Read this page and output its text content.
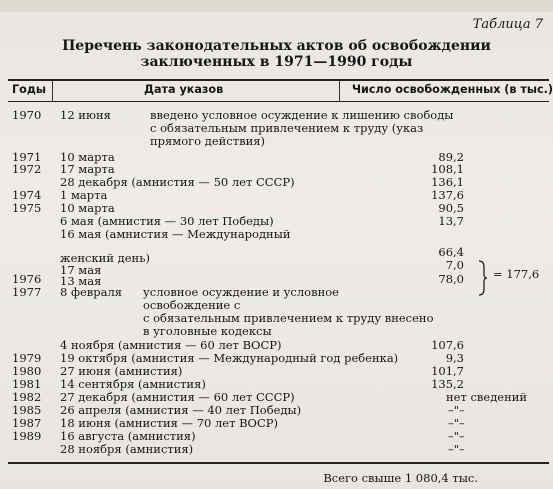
Таблица 7
Перечень законодательных актов об освобождении
заключенных в 1971—1990 годы
Годы	Дата указов	Число освобожденных (в тыс.)
1970 12 июня	введено условное осуждение к лишению свободы
с обязательным привлечением к труду (указ
прямого действия)
1971 10 марта	89,2
1972 17 марта	108,1
28 декабря (амнистия — 50 лет СССР)	136,1
1974 1 марта	137,6
1975 10 марта	90,5
6 мая (амнистия — 30 лет Победы)	13,7
16 мая (амнистия — Международный
женский день)	66,4
17 мая	7,0
1976 13 мая	78,0	= 177,6
1977 8 февраля условное осуждение и условное
освобождение с
с обязательным привлечением к труду внесено
в уголовные кодексы
4 ноября (амнистия — 60 лет ВОСР)	107,6
1979 19 октября (амнистия — Международный год ребенка)	9,3
1980 27 июня (амнистия)	101,7
1981 14 сентября (амнистия)	135,2
1982 27 декабря (амнистия — 60 лет СССР)	нет сведений
1985 26 апреля (амнистия — 40 лет Победы)	–"–
1987 18 июня (амнистия — 70 лет ВОСР)	–"–
1989 16 августа (амнистия)	–"–
28 ноября (амнистия)	–"–
Всего свыше 1 080,4 тыс.
